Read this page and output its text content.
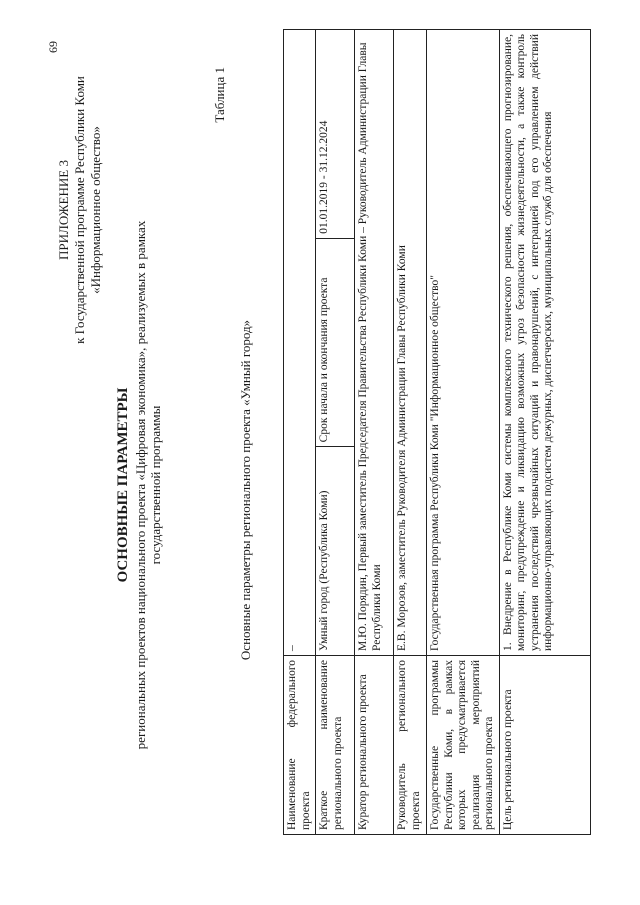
69
ПРИЛОЖЕНИЕ 3 к Государственной программе Республики Коми «Информационное общество»
ОСНОВНЫЕ ПАРАМЕТРЫ региональных проектов национального проекта «Цифровая экономика», реализуемых в рамках государственной программы
Таблица 1
Основные параметры регионального проекта «Умный город»
Наименование федерального проекта	–		
Краткое наименование регионального проекта	Умный город (Республика Коми)	Срок начала и окончания проекта	01.01.2019 - 31.12.2024
Куратор регионального проекта	М.Ю. Порядин, Первый заместитель Председателя Правительства Республики Коми – Руководитель Администрации Главы Республики Коми		
Руководитель регионального проекта	Е.В. Морозов, заместитель Руководителя Администрации Главы Республики Коми		
Государственные программы Республики Коми, в рамках которых предусматривается реализация мероприятий регионального проекта	Государственная программа Республики Коми "Информационное общество"		
Цель регионального проекта	1. Внедрение в Республике Коми системы комплексного технического решения, обеспечивающего прогнозирование, мониторинг, предупреждение и ликвидацию возможных угроз безопасности жизнедеятельности, а также контроль устранения последствий чрезвычайных ситуаций и правонарушений, с интеграцией под его управлением действий информационно-управляющих подсистем дежурных, диспетчерских, муниципальных служб для обеспечения		
